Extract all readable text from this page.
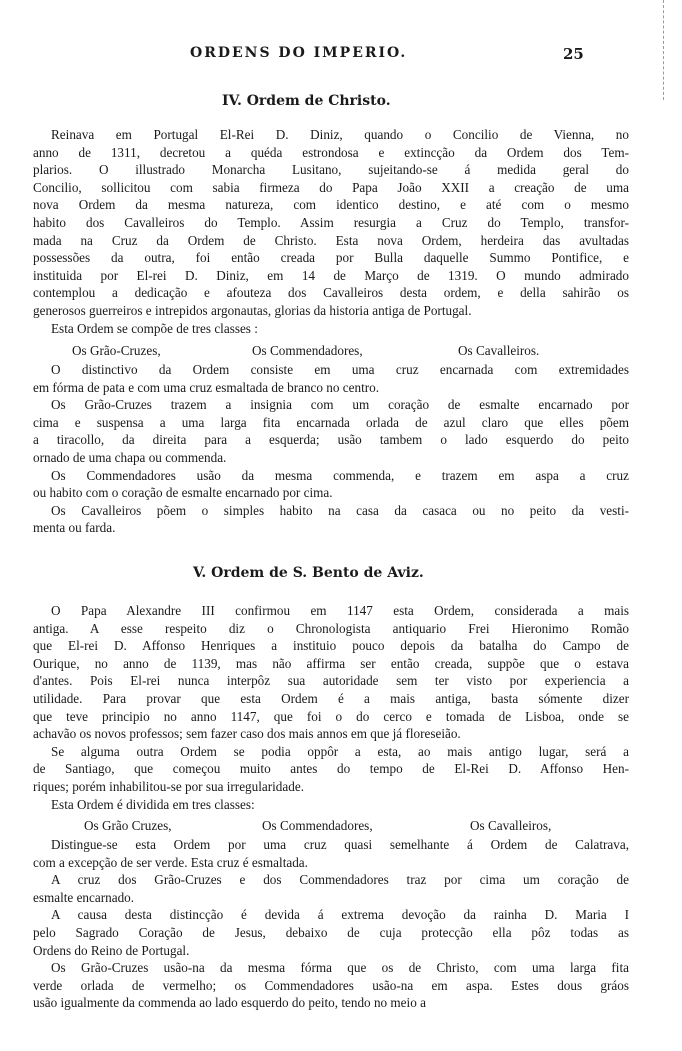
ORDENS DO IMPERIO.	25
IV. Ordem de Christo.
Reinava em Portugal El-Rei D. Diniz, quando o Concilio de Vienna, no
anno de 1311, decretou a quéda estrondosa e extincção da Ordem dos Tem-
plarios. O illustrado Monarcha Lusitano, sujeitando-se á medida geral do
Concilio, sollicitou com sabia firmeza do Papa João XXII a creação de uma
nova Ordem da mesma natureza, com identico destino, e até com o mesmo
habito dos Cavalleiros do Templo. Assim resurgia a Cruz do Templo, transfor-
mada na Cruz da Ordem de Christo. Esta nova Ordem, herdeira das avultadas
possessões da outra, foi então creada por Bulla daquelle Summo Pontifice, e
instituida por El-rei D. Diniz, em 14 de Março de 1319. O mundo admirado
contemplou a dedicação e afouteza dos Cavalleiros desta ordem, e della sahirão os
generosos guerreiros e intrepidos argonautas, glorias da historia antiga de Portugal.
Esta Ordem se compõe de tres classes :
Os Grão-Cruzes,	Os Commendadores,	Os Cavalleiros.
O distinctivo da Ordem consiste em uma cruz encarnada com extremidades
em fórma de pata e com uma cruz esmaltada de branco no centro.
Os Grão-Cruzes trazem a insignia com um coração de esmalte encarnado por
cima e suspensa a uma larga fita encarnada orlada de azul claro que elles põem
a tiracollo, da direita para a esquerda; usão tambem o lado esquerdo do peito
ornado de uma chapa ou commenda.
Os Commendadores usão da mesma commenda, e trazem em aspa a cruz
ou habito com o coração de esmalte encarnado por cima.
Os Cavalleiros põem o simples habito na casa da casaca ou no peito da vesti-
menta ou farda.
V. Ordem de S. Bento de Aviz.
O Papa Alexandre III confirmou em 1147 esta Ordem, considerada a mais
antiga. A esse respeito diz o Chronologista antiquario Frei Hieronimo Romão
que El-rei D. Affonso Henriques a instituio pouco depois da batalha do Campo de
Ourique, no anno de 1139, mas não affirma ser então creada, suppõe que o estava
d'antes. Pois El-rei nunca interpôz sua autoridade sem ter visto por experiencia a
utilidade. Para provar que esta Ordem é a mais antiga, basta sómente dizer
que teve principio no anno 1147, que foi o do cerco e tomada de Lisboa, onde se
achavão os novos professos; sem fazer caso dos mais annos em que já floreseião.
Se alguma outra Ordem se podia oppôr a esta, ao mais antigo lugar, será a
de Santiago, que começou muito antes do tempo de El-Rei D. Affonso Hen-
riques; porém inhabilitou-se por sua irregularidade.
Esta Ordem é dividida em tres classes:
Os Grão Cruzes,	Os Commendadores,	Os Cavalleiros,
Distingue-se esta Ordem por uma cruz quasi semelhante á Ordem de Calatrava,
com a excepção de ser verde. Esta cruz é esmaltada.
A cruz dos Grão-Cruzes e dos Commendadores traz por cima um coração de
esmalte encarnado.
A causa desta distincção é devida á extrema devoção da rainha D. Maria I
pelo Sagrado Coração de Jesus, debaixo de cuja protecção ella pôz todas as
Ordens do Reino de Portugal.
Os Grão-Cruzes usão-na da mesma fórma que os de Christo, com uma larga fita
verde orlada de vermelho; os Commendadores usão-na em aspa. Estes dous gráos
usão igualmente da commenda ao lado esquerdo do peito, tendo no meio a
